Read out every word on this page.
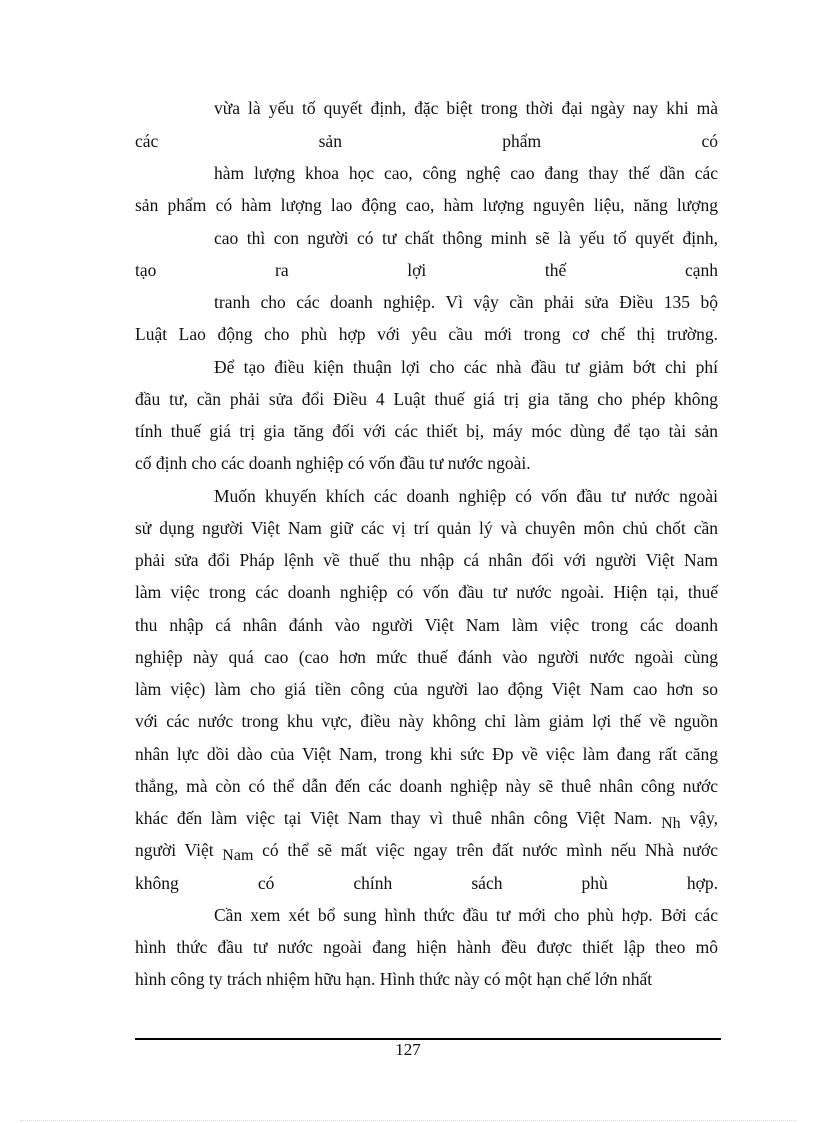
vừa là yếu tố quyết định, đặc biệt trong thời đại ngày nay khi mà
các sản phẩm có
hàm lượng khoa học cao, công nghệ cao đang thay thế dần các
sản phẩm có hàm lượng lao động cao, hàm lượng nguyên liệu, năng lượng
cao thì con người có tư chất thông minh sẽ là yếu tố quyết định,
tạo ra lợi thế cạnh
tranh cho các doanh nghiệp. Vì vậy cần phải sửa Điều 135 bộ
Luật Lao động cho phù hợp với yêu cầu mới trong cơ chế thị trường.
Để tạo điều kiện thuận lợi cho các nhà đầu tư giảm bớt chi phí
đầu tư, cần phải sửa đổi Điều 4 Luật thuế giá trị gia tăng cho phép không
tính thuế giá trị gia tăng đối với các thiết bị, máy móc dùng để tạo tài sản
cố định cho các doanh nghiệp có vốn đầu tư nước ngoài.
Muốn khuyến khích các doanh nghiệp có vốn đầu tư nước ngoài
sử dụng người Việt Nam giữ các vị trí quản lý và chuyên môn chủ chốt cần
phải sửa đổi Pháp lệnh về thuế thu nhập cá nhân đối với người Việt Nam
làm việc trong các doanh nghiệp có vốn đầu tư nước ngoài. Hiện tại, thuế
thu nhập cá nhân đánh vào người Việt Nam làm việc trong các doanh
nghiệp này quá cao (cao hơn mức thuế đánh vào người nước ngoài cùng
làm việc) làm cho giá tiền công của người lao động Việt Nam cao hơn so
với các nước trong khu vực, điều này không chỉ làm giảm lợi thế về nguồn
nhân lực dồi dào của Việt Nam, trong khi sức Ðp về việc làm đang rất căng
thẳng, mà còn có thể dẫn đến các doanh nghiệp này sẽ thuê nhân công nước
khác đến làm việc tại Việt Nam thay vì thuê nhân công Việt Nam. Nh vậy,
người Việt Nam có thể sẽ mất việc ngay trên đất nước mình nếu Nhà nước
không có chính sách phù hợp.
Cần xem xét bổ sung hình thức đầu tư mới cho phù hợp. Bởi các
hình thức đầu tư nước ngoài đang hiện hành đều được thiết lập theo mô
hình công ty trách nhiệm hữu hạn. Hình thức này có một hạn chế lớn nhất
127
